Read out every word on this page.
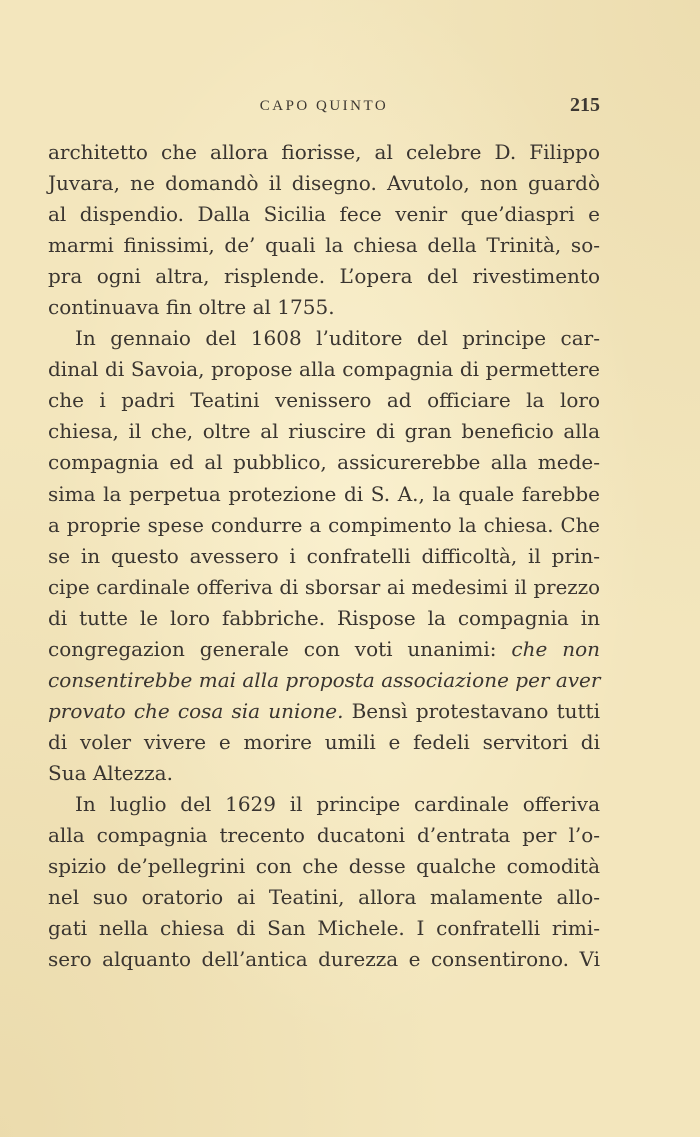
CAPO QUINTO	215
architetto che allora fiorisse, al celebre D. Filippo
Juvara, ne domandò il disegno. Avutolo, non guardò
al dispendio. Dalla Sicilia fece venir que’diaspri e
marmi finissimi, de’ quali la chiesa della Trinità, so-
pra ogni altra, risplende. L’opera del rivestimento
continuava fin oltre al 1755.
In gennaio del 1608 l’uditore del principe car-
dinal di Savoia, propose alla compagnia di permettere
che i padri Teatini venissero ad officiare la loro
chiesa, il che, oltre al riuscire di gran beneficio alla
compagnia ed al pubblico, assicurerebbe alla mede-
sima la perpetua protezione di S. A., la quale farebbe
a proprie spese condurre a compimento la chiesa. Che
se in questo avessero i confratelli difficoltà, il prin-
cipe cardinale offeriva di sborsar ai medesimi il prezzo
di tutte le loro fabbriche. Rispose la compagnia in
congregazion generale con voti unanimi: che non
consentirebbe mai alla proposta associazione per aver
provato che cosa sia unione. Bensì protestavano tutti
di voler vivere e morire umili e fedeli servitori di
Sua Altezza.
In luglio del 1629 il principe cardinale offeriva
alla compagnia trecento ducatoni d’entrata per l’o-
spizio de’pellegrini con che desse qualche comodità
nel suo oratorio ai Teatini, allora malamente allo-
gati nella chiesa di San Michele. I confratelli rimi-
sero alquanto dell’antica durezza e consentirono. Vi
